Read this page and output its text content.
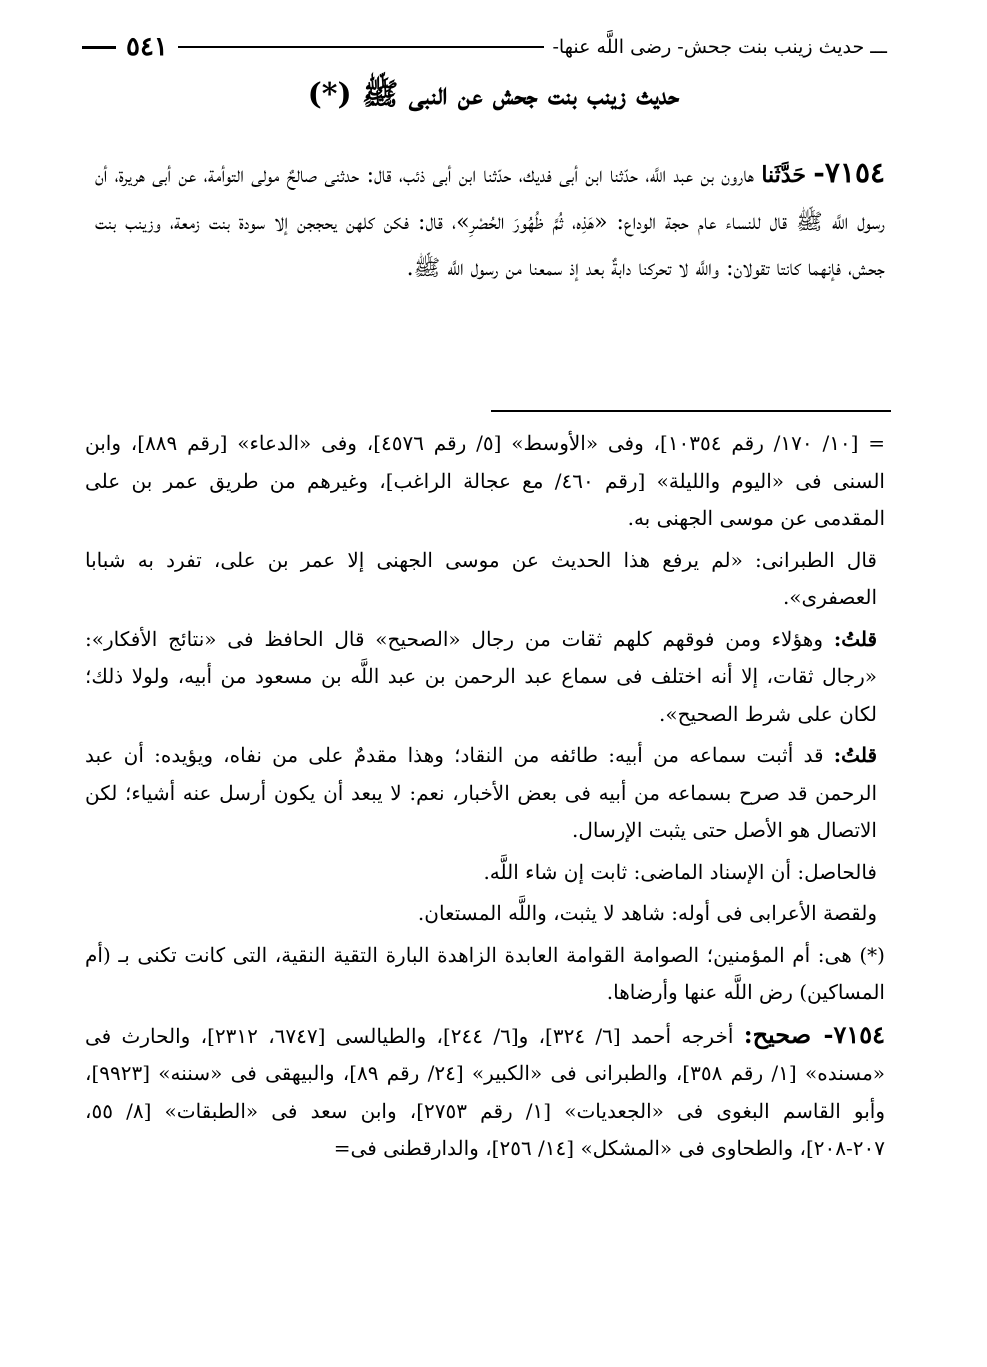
ـــ حديث زينب بنت جحش- رضى اللَّه عنها-
٥٤١
حديث زينب بنت جحش عن النبى ﷺ (*)

٧١٥٤- حَدَّثَنا هارون بن عبد اللَّه، حدّثنا ابن أبى فديك، حدّثنا ابن أبى ذئب، قال: حدثنى صالحٌ مولى التوأمة، عن أبى هريرة، أن رسول اللَّه ﷺ قال للنساء عام حجة الوداع: «هَذِه، ثُمَّ ظُهُورَ الحُصْرِ»، قال: فكن كلهن يحججن إلا سودة بنت زمعة، وزينب بنت جحش، فإنهما كانتا تقولان: واللَّه لا تحركنا دابةٌ بعد إذ سمعنا من رسول اللَّه ﷺ.

= [١٠/ ١٧٠/ رقم ١٠٣٥٤]، وفى «الأوسط» [٥/ رقم ٤٥٧٦]، وفى «الدعاء» [رقم ٨٨٩]، وابن السنى فى «اليوم والليلة» [رقم ٤٦٠/ مع عجالة الراغب]، وغيرهم من طريق عمر بن على المقدمى عن موسى الجهنى به.

قال الطبرانى: «لم يرفع هذا الحديث عن موسى الجهنى إلا عمر بن على، تفرد به شبابا العصفرى».

قلتُ: وهؤلاء ومن فوقهم كلهم ثقات من رجال «الصحيح» قال الحافظ فى «نتائج الأفكار»: «رجال ثقات، إلا أنه اختلف فى سماع عبد الرحمن بن عبد اللَّه بن مسعود من أبيه، ولولا ذلك؛ لكان على شرط الصحيح».

قلتُ: قد أثبت سماعه من أبيه: طائفه من النقاد؛ وهذا مقدمٌ على من نفاه، ويؤيده: أن عبد الرحمن قد صرح بسماعه من أبيه فى بعض الأخبار، نعم: لا يبعد أن يكون أرسل عنه أشياء؛ لكن الاتصال هو الأصل حتى يثبت الإرسال.

فالحاصل: أن الإسناد الماضى: ثابت إن شاء اللَّه.

ولقصة الأعرابى فى أوله: شاهد لا يثبت، واللَّه المستعان.

(*) هى: أم المؤمنين؛ الصوامة القوامة العابدة الزاهدة البارة التقية النقية، التى كانت تكنى بـ (أم المساكين) رض اللَّه عنها وأرضاها.

٧١٥٤- صحيح: أخرجه أحمد [٦/ ٣٢٤]، و[٦/ ٢٤٤]، والطيالسى [٦٧٤٧، ٢٣١٢]، والحارث فى «مسنده» [١/ رقم ٣٥٨]، والطبرانى فى «الكبير» [٢٤/ رقم ٨٩]، والبيهقى فى «سننه» [٩٩٢٣]، وأبو القاسم البغوى فى «الجعديات» [١/ رقم ٢٧٥٣]، وابن سعد فى «الطبقات» [٨/ ٥٥، ٢٠٧-٢٠٨]، والطحاوى فى «المشكل» [١٤/ ٢٥٦]، والدارقطنى فى=
